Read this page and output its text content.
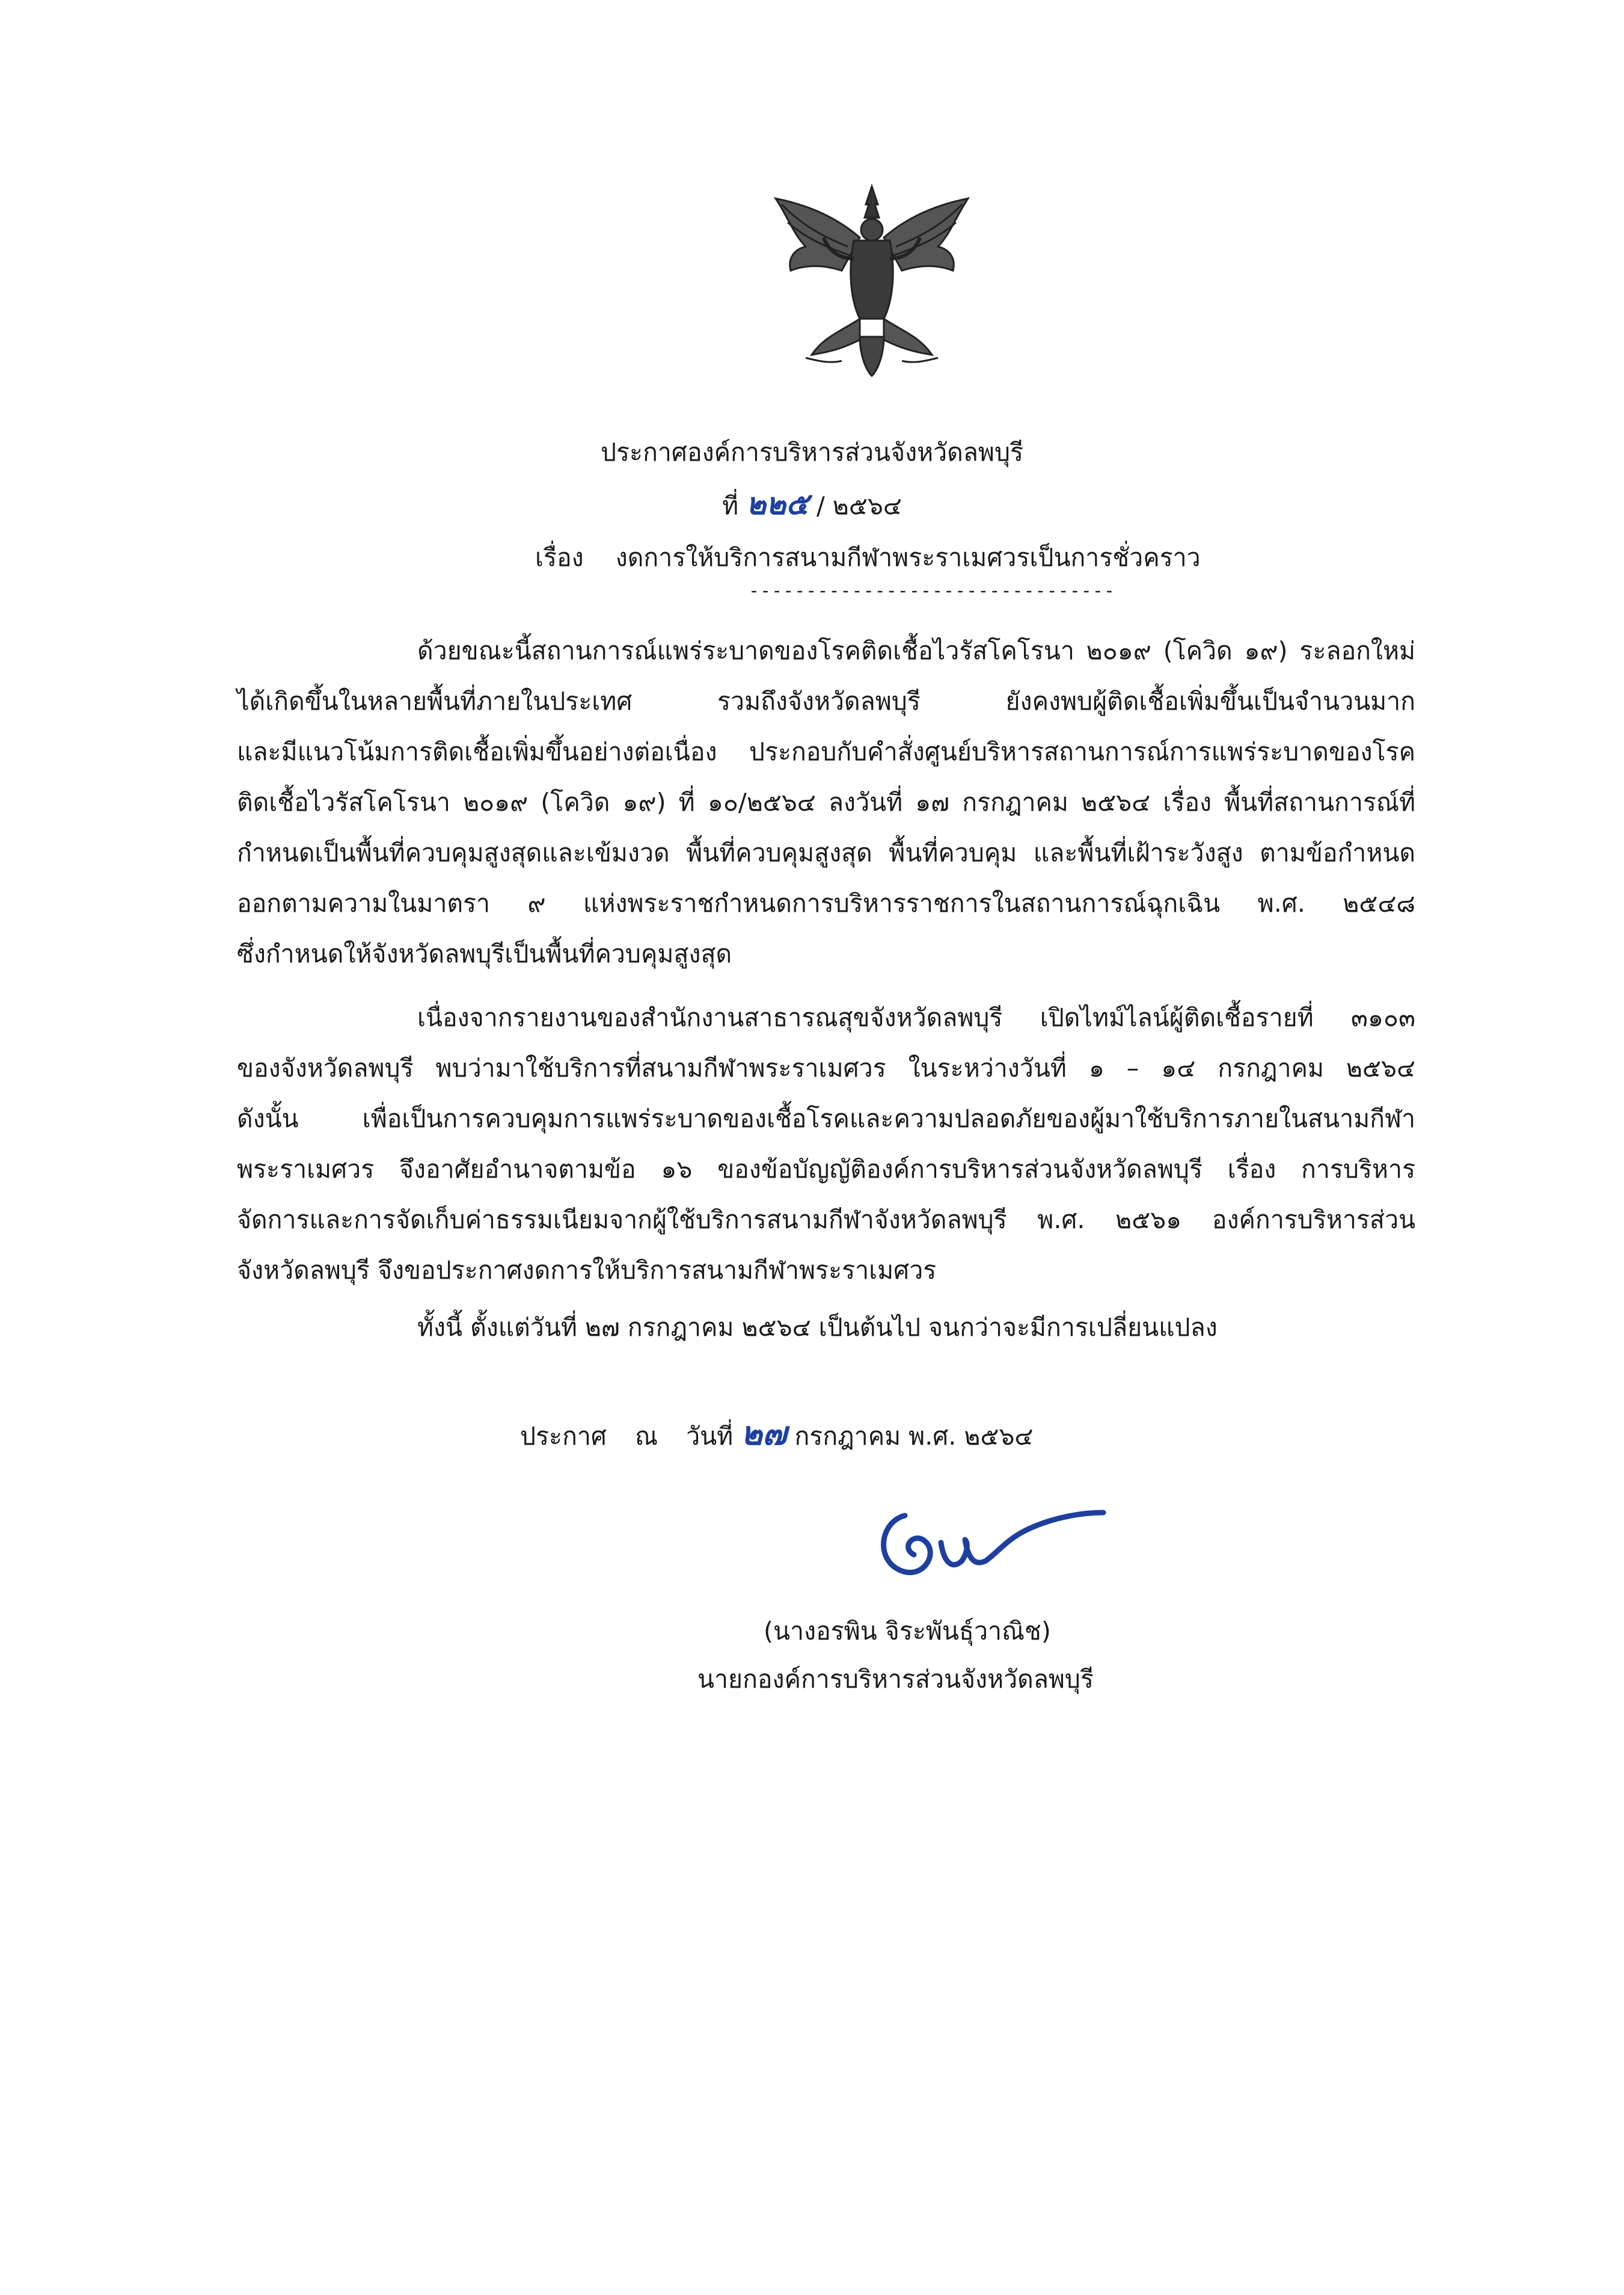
ประกาศองค์การบริหารส่วนจังหวัดลพบุรี
ที่ ๒๒๕ / ๒๕๖๔
เรื่อง งดการให้บริการสนามกีฬาพระราเมศวรเป็นการชั่วคราว
--------------------------------
ด้วยขณะนี้สถานการณ์แพร่ระบาดของโรคติดเชื้อไวรัสโคโรนา ๒๐๑๙ (โควิด ๑๙) ระลอกใหม่
ได้เกิดขึ้นในหลายพื้นที่ภายในประเทศ รวมถึงจังหวัดลพบุรี ยังคงพบผู้ติดเชื้อเพิ่มขึ้นเป็นจำนวนมาก
และมีแนวโน้มการติดเชื้อเพิ่มขึ้นอย่างต่อเนื่อง ประกอบกับคำสั่งศูนย์บริหารสถานการณ์การแพร่ระบาดของโรค
ติดเชื้อไวรัสโคโรนา ๒๐๑๙ (โควิด ๑๙) ที่ ๑๐/๒๕๖๔ ลงวันที่ ๑๗ กรกฎาคม ๒๕๖๔ เรื่อง พื้นที่สถานการณ์ที่
กำหนดเป็นพื้นที่ควบคุมสูงสุดและเข้มงวด พื้นที่ควบคุมสูงสุด พื้นที่ควบคุม และพื้นที่เฝ้าระวังสูง ตามข้อกำหนด
ออกตามความในมาตรา ๙ แห่งพระราชกำหนดการบริหารราชการในสถานการณ์ฉุกเฉิน พ.ศ. ๒๕๔๘
ซึ่งกำหนดให้จังหวัดลพบุรีเป็นพื้นที่ควบคุมสูงสุด
เนื่องจากรายงานของสำนักงานสาธารณสุขจังหวัดลพบุรี เปิดไทม์ไลน์ผู้ติดเชื้อรายที่ ๓๑๐๓
ของจังหวัดลพบุรี พบว่ามาใช้บริการที่สนามกีฬาพระราเมศวร ในระหว่างวันที่ ๑ – ๑๔ กรกฎาคม ๒๕๖๔
ดังนั้น เพื่อเป็นการควบคุมการแพร่ระบาดของเชื้อโรคและความปลอดภัยของผู้มาใช้บริการภายในสนามกีฬา
พระราเมศวร จึงอาศัยอำนาจตามข้อ ๑๖ ของข้อบัญญัติองค์การบริหารส่วนจังหวัดลพบุรี เรื่อง การบริหาร
จัดการและการจัดเก็บค่าธรรมเนียมจากผู้ใช้บริการสนามกีฬาจังหวัดลพบุรี พ.ศ. ๒๕๖๑ องค์การบริหารส่วน
จังหวัดลพบุรี จึงขอประกาศงดการให้บริการสนามกีฬาพระราเมศวร
ทั้งนี้ ตั้งแต่วันที่ ๒๗ กรกฎาคม ๒๕๖๔ เป็นต้นไป จนกว่าจะมีการเปลี่ยนแปลง
ประกาศ ณ วันที่ ๒๗ กรกฎาคม พ.ศ. ๒๕๖๔
(นางอรพิน จิระพันธุ์วาณิช)
นายกองค์การบริหารส่วนจังหวัดลพบุรี
